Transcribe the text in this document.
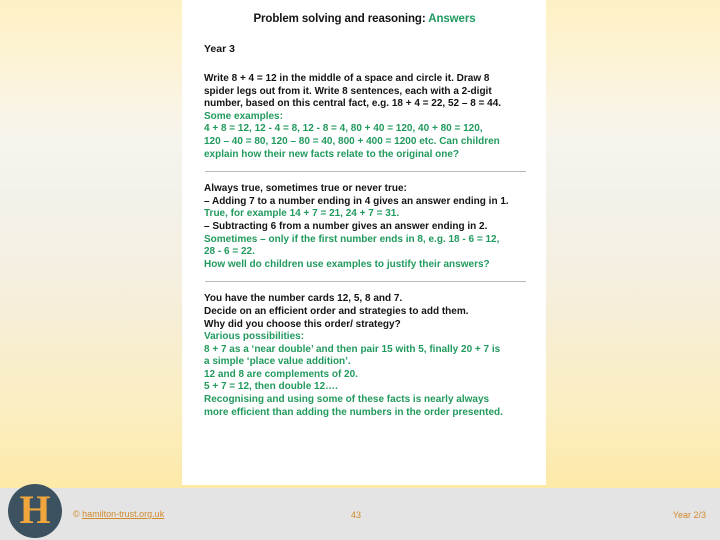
Problem solving and reasoning: Answers
Year 3
Write 8 + 4 = 12 in the middle of a space and circle it. Draw 8
spider legs out from it. Write 8 sentences, each with a 2-digit
number, based on this central fact, e.g. 18 + 4 = 22, 52 – 8 = 44.
Some examples:
4 + 8 = 12, 12 - 4 = 8, 12 - 8 = 4, 80 + 40 = 120, 40 + 80 = 120,
120 – 40 = 80, 120 – 80 = 40, 800 + 400 = 1200 etc. Can children
explain how their new facts relate to the original one?
Always true, sometimes true or never true:
– Adding 7 to a number ending in 4 gives an answer ending in 1.
True, for example 14 + 7 = 21, 24 + 7 = 31.
– Subtracting 6 from a number gives an answer ending in 2.
Sometimes – only if the first number ends in 8, e.g. 18 - 6 = 12,
28 - 6 = 22.
How well do children use examples to justify their answers?
You have the number cards 12, 5, 8 and 7.
Decide on an efficient order and strategies to add them.
Why did you choose this order/ strategy?
Various possibilities:
8 + 7 as a ‘near double’ and then pair 15 with 5, finally 20 + 7 is
a simple ‘place value addition’.
12 and 8 are complements of 20.
5 + 7 = 12, then double 12….
Recognising and using some of these facts is nearly always
more efficient than adding the numbers in the order presented.
H © hamilton-trust.org.uk	43	Year 2/3
